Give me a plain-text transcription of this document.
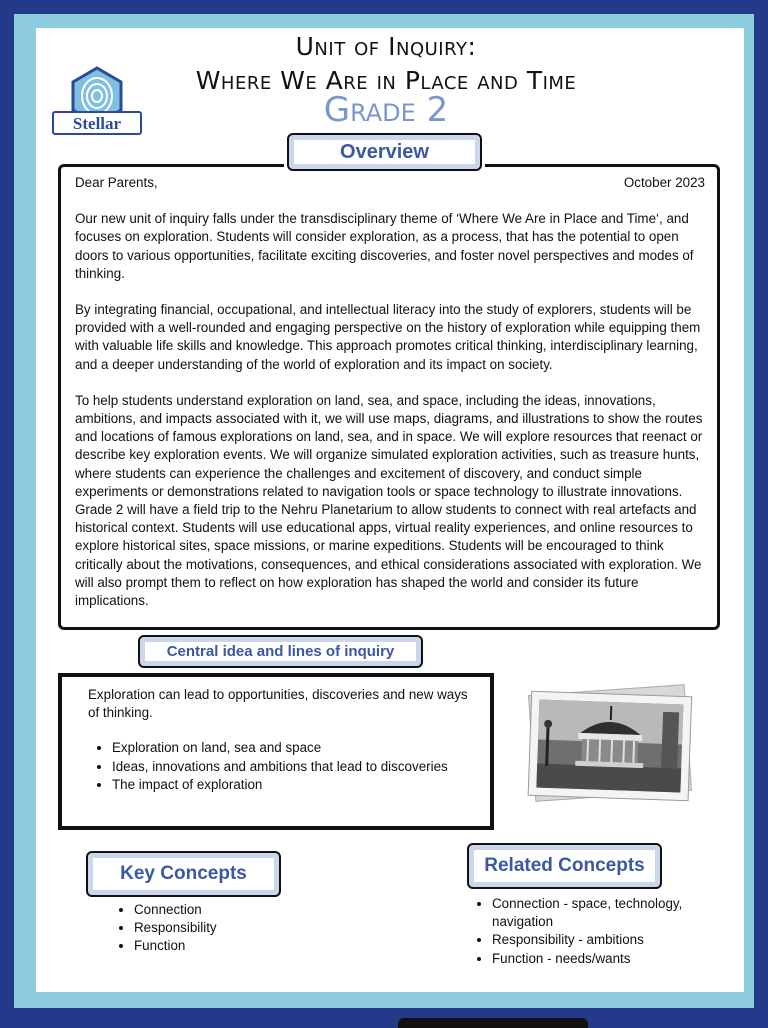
Stellar
Unit of Inquiry:
Where We Are in Place and Time
Grade 2
Dear Parents,	October 2023

Our new unit of inquiry falls under the transdisciplinary theme of ‘Where We Are in Place and Time‘, and focuses on exploration. Students will consider exploration, as a process, that has the potential to open doors to various opportunities, facilitate exciting discoveries, and foster novel perspectives and modes of thinking.

By integrating financial, occupational, and intellectual literacy into the study of explorers, students will be provided with a well-rounded and engaging perspective on the history of exploration while equipping them with valuable life skills and knowledge. This approach promotes critical thinking, interdisciplinary learning, and a deeper understanding of the world of exploration and its impact on society.

To help students understand exploration on land, sea, and space, including the ideas, innovations, ambitions, and impacts associated with it, we will use maps, diagrams, and illustrations to show the routes and locations of famous explorations on land, sea, and in space. We will explore resources that reenact or describe key exploration events. We will organize simulated exploration activities, such as treasure hunts, where students can experience the challenges and excitement of discovery, and conduct simple experiments or demonstrations related to navigation tools or space technology to illustrate innovations. Grade 2 will have a field trip to the Nehru Planetarium to allow students to connect with real artefacts and historical context. Students will use educational apps, virtual reality experiences, and online resources to explore historical sites, space missions, or marine expeditions. Students will be encouraged to think critically about the motivations, consequences, and ethical considerations associated with exploration. We will also prompt them to reflect on how exploration has shaped the world and consider its future implications.

Overview
Central idea and lines of inquiry

Exploration can lead to opportunities, discoveries and new ways of thinking.

• Exploration on land, sea and space
• Ideas, innovations and ambitions that lead to discoveries
• The impact of exploration
Key Concepts
• Connection
• Responsibility
• Function
Related Concepts
• Connection - space, technology, navigation
• Responsibility - ambitions
• Function - needs/wants
